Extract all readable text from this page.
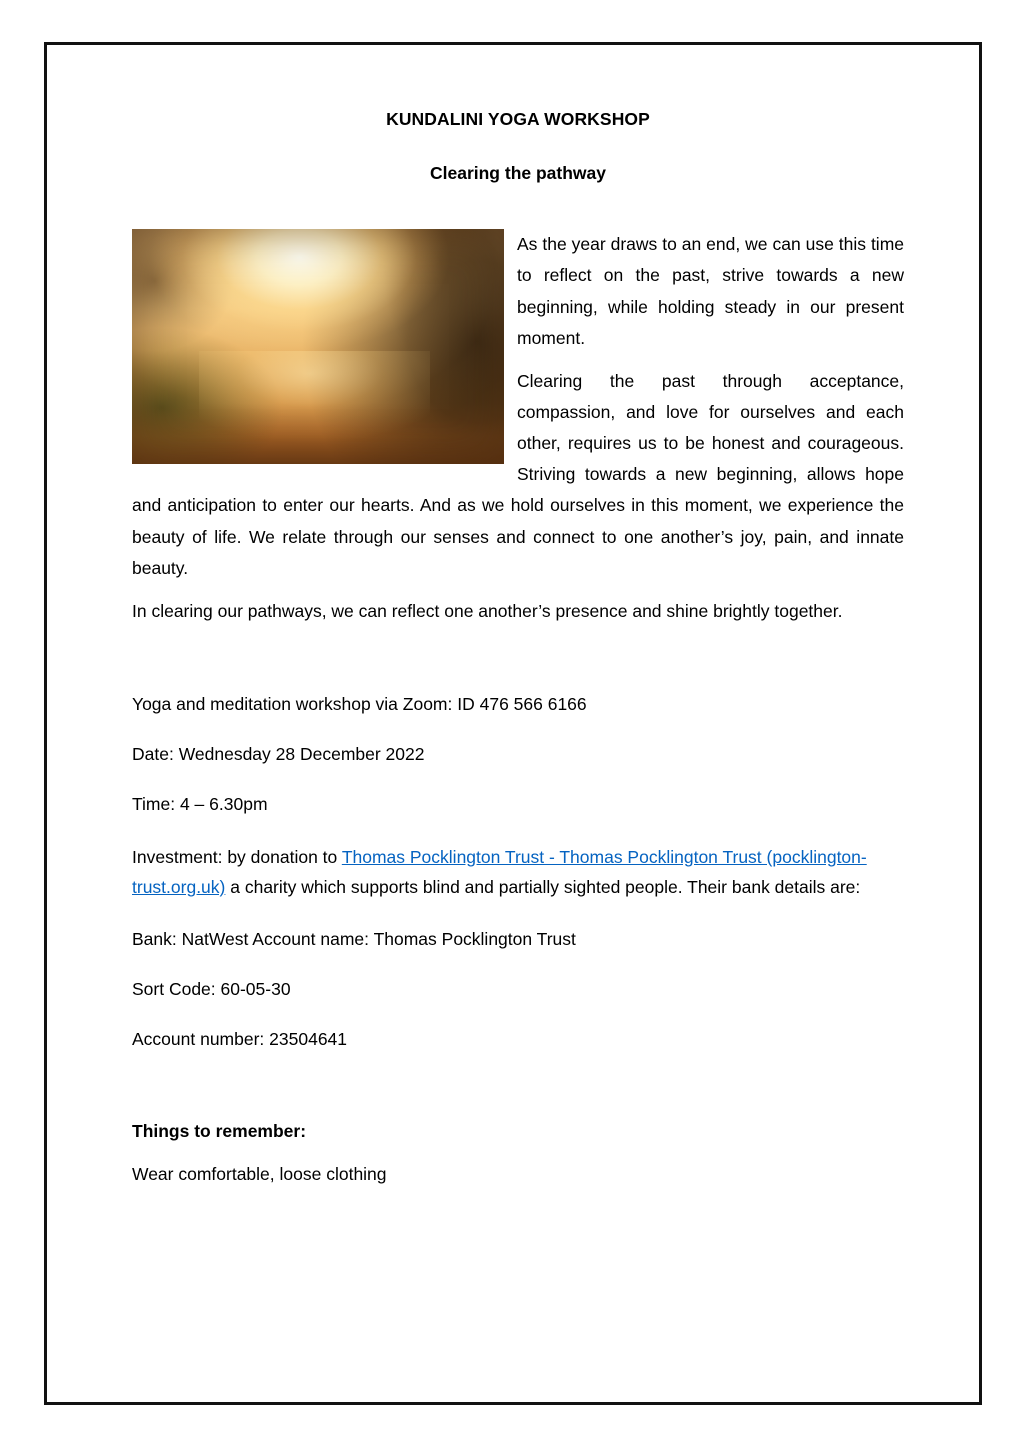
KUNDALINI YOGA WORKSHOP
Clearing the pathway

As the year draws to an end, we can use this time to reflect on the past, strive towards a new beginning, while holding steady in our present moment.

Clearing the past through acceptance, compassion, and love for ourselves and each other, requires us to be honest and courageous. Striving towards a new beginning, allows hope and anticipation to enter our hearts. And as we hold ourselves in this moment, we experience the beauty of life. We relate through our senses and connect to one another’s joy, pain, and innate beauty.

In clearing our pathways, we can reflect one another’s presence and shine brightly together.

Yoga and meditation workshop via Zoom: ID 476 566 6166

Date: Wednesday 28 December 2022

Time: 4 – 6.30pm

Investment: by donation to Thomas Pocklington Trust - Thomas Pocklington Trust (pocklington-trust.org.uk) a charity which supports blind and partially sighted people. Their bank details are:

Bank: NatWest Account name: Thomas Pocklington Trust

Sort Code: 60-05-30

Account number: 23504641

Things to remember:

Wear comfortable, loose clothing
